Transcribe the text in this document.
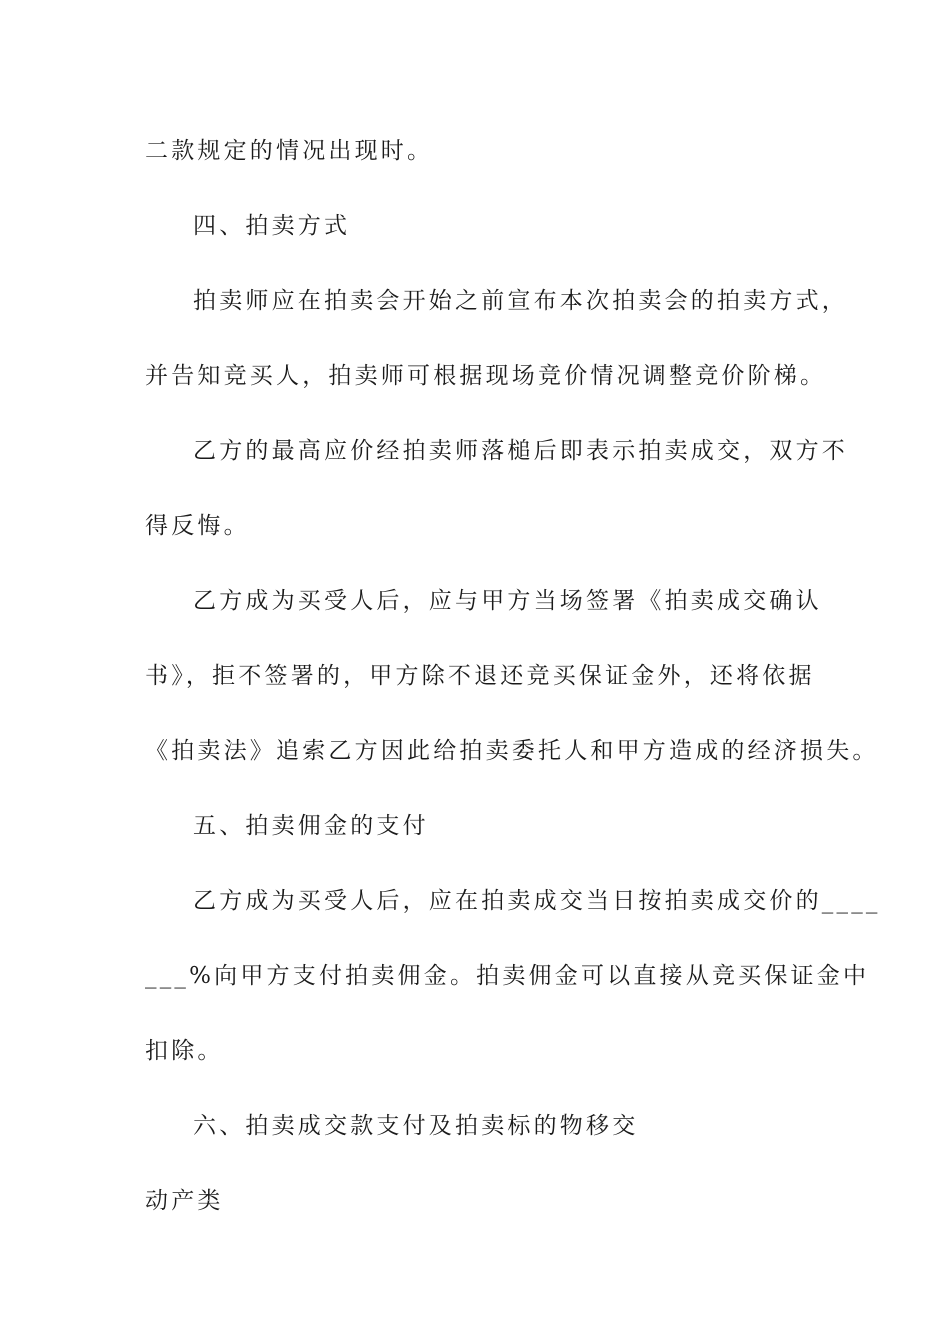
二款规定的情况出现时。
四、拍卖方式
拍卖师应在拍卖会开始之前宣布本次拍卖会的拍卖方式，
并告知竞买人，拍卖师可根据现场竞价情况调整竞价阶梯。
乙方的最高应价经拍卖师落槌后即表示拍卖成交，双方不
得反悔。
乙方成为买受人后，应与甲方当场签署《拍卖成交确认
书》，拒不签署的，甲方除不退还竞买保证金外，还将依据
《拍卖法》追索乙方因此给拍卖委托人和甲方造成的经济损失。
五、拍卖佣金的支付
乙方成为买受人后，应在拍卖成交当日按拍卖成交价的____
___%向甲方支付拍卖佣金。拍卖佣金可以直接从竞买保证金中
扣除。
六、拍卖成交款支付及拍卖标的物移交
动产类
